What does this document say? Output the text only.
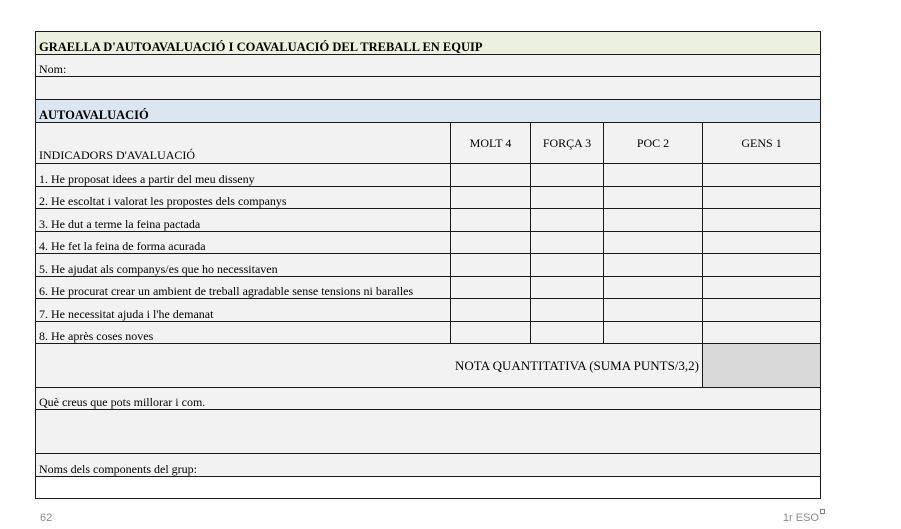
GRAELLA D'AUTOAVALUACIÓ I COAVALUACIÓ DEL TREBALL EN EQUIP				
Nom:				

AUTOAVALUACIÓ				
INDICADORS D'AVALUACIÓ	MOLT 4	FORÇA 3	POC 2	GENS 1
1. He proposat idees a partir del meu disseny				
2. He escoltat i valorat les propostes dels companys				
3. He dut a terme la feina pactada				
4. He fet la feina de forma acurada				
5. He ajudat als companys/es que ho necessitaven				
6. He procurat crear un ambient de treball agradable sense tensions ni baralles				
7. He necessitat ajuda i l'he demanat				
8. He après coses noves				
NOTA QUANTITATIVA (SUMA PUNTS/3,2)				
Què creus que pots millorar i com.				

Noms dels components del grup:				

62	1r ESO
